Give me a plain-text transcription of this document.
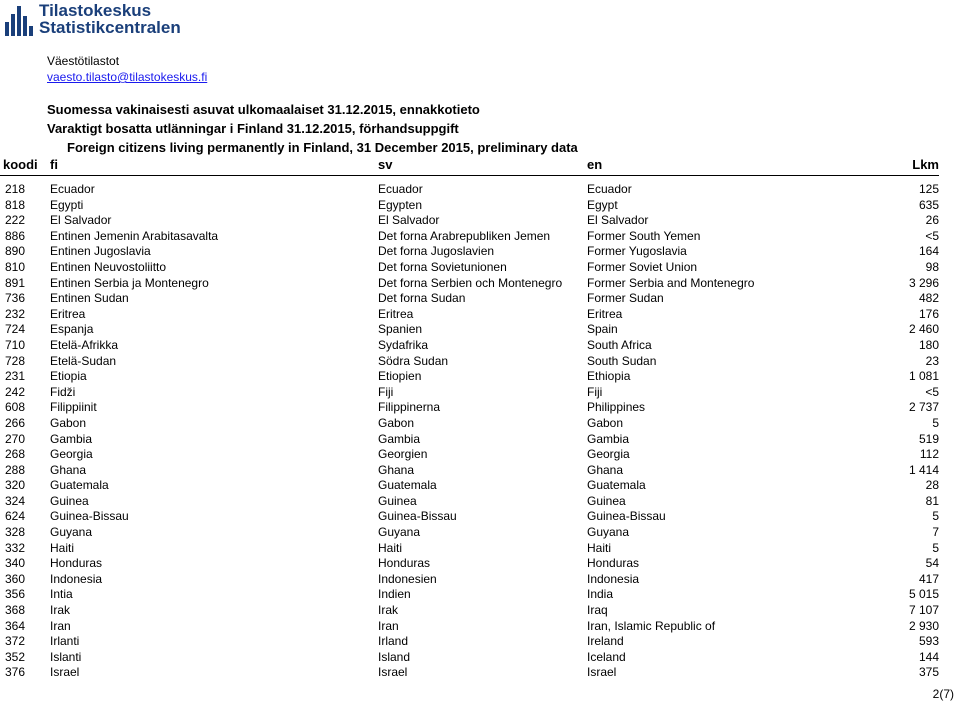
Tilastokeskus
Statistikcentralen
Väestötilastot
vaesto.tilasto@tilastokeskus.fi
Suomessa vakinaisesti asuvat ulkomaalaiset 31.12.2015, ennakkotieto
Varaktigt bosatta utlänningar i Finland 31.12.2015, förhandsuppgift
Foreign citizens living permanently in Finland, 31 December 2015, preliminary data
koodi	fi	sv	en	Lkm

218	Ecuador	Ecuador	Ecuador	125
818	Egypti	Egypten	Egypt	635
222	El Salvador	El Salvador	El Salvador	26
886	Entinen Jemenin Arabitasavalta	Det forna Arabrepubliken Jemen	Former South Yemen	<5
890	Entinen Jugoslavia	Det forna Jugoslavien	Former Yugoslavia	164
810	Entinen Neuvostoliitto	Det forna Sovietunionen	Former Soviet Union	98
891	Entinen Serbia ja Montenegro	Det forna Serbien och Montenegro	Former Serbia and Montenegro	3 296
736	Entinen Sudan	Det forna Sudan	Former Sudan	482
232	Eritrea	Eritrea	Eritrea	176
724	Espanja	Spanien	Spain	2 460
710	Etelä-Afrikka	Sydafrika	South Africa	180
728	Etelä-Sudan	Södra Sudan	South Sudan	23
231	Etiopia	Etiopien	Ethiopia	1 081
242	Fidži	Fiji	Fiji	<5
608	Filippiinit	Filippinerna	Philippines	2 737
266	Gabon	Gabon	Gabon	5
270	Gambia	Gambia	Gambia	519
268	Georgia	Georgien	Georgia	112
288	Ghana	Ghana	Ghana	1 414
320	Guatemala	Guatemala	Guatemala	28
324	Guinea	Guinea	Guinea	81
624	Guinea-Bissau	Guinea-Bissau	Guinea-Bissau	5
328	Guyana	Guyana	Guyana	7
332	Haiti	Haiti	Haiti	5
340	Honduras	Honduras	Honduras	54
360	Indonesia	Indonesien	Indonesia	417
356	Intia	Indien	India	5 015
368	Irak	Irak	Iraq	7 107
364	Iran	Iran	Iran, Islamic Republic of	2 930
372	Irlanti	Irland	Ireland	593
352	Islanti	Island	Iceland	144
376	Israel	Israel	Israel	375
2(7)
